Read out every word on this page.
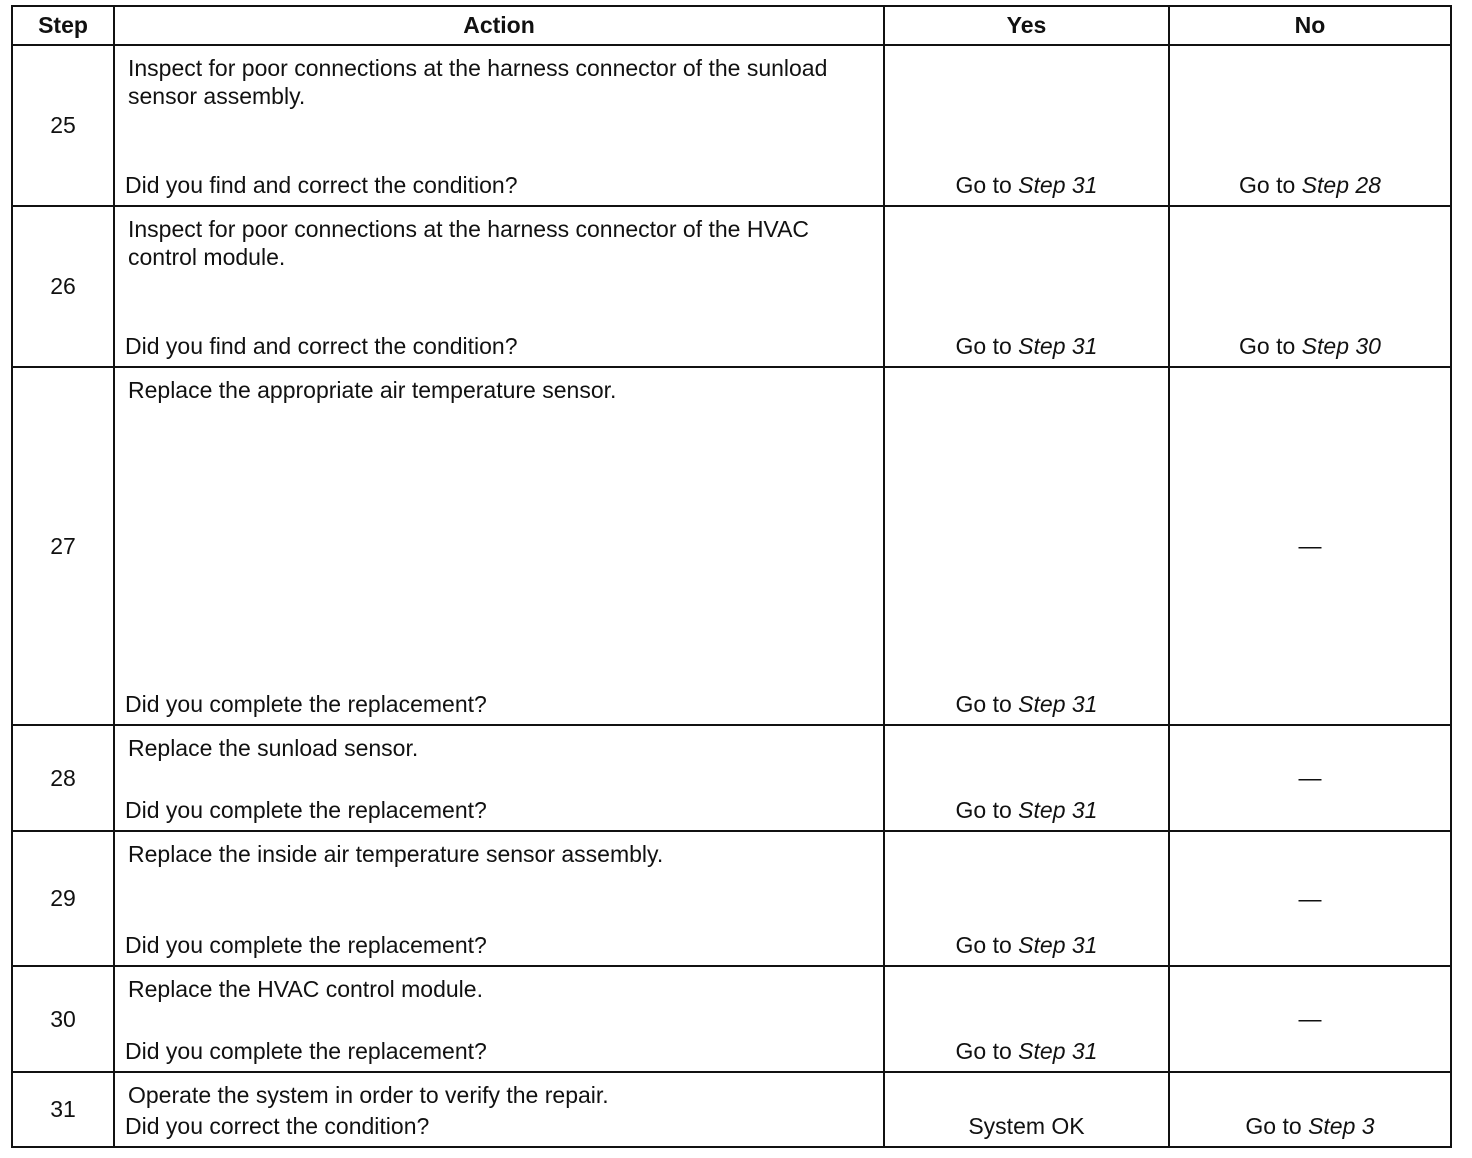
Step	Action	Yes	No
25	Inspect for poor connections at the harness connector of the sunload sensor assembly.
Did you find and correct the condition?	Go to Step 31	Go to Step 28

26	Inspect for poor connections at the harness connector of the HVAC control module.
Did you find and correct the condition?	Go to Step 31	Go to Step 30

27	Replace the appropriate air temperature sensor.
Did you complete the replacement?	Go to Step 31	—

28	Replace the sunload sensor.
Did you complete the replacement?	Go to Step 31	—

29	Replace the inside air temperature sensor assembly.
Did you complete the replacement?	Go to Step 31	—

30	Replace the HVAC control module.
Did you complete the replacement?	Go to Step 31	—

31	Operate the system in order to verify the repair.
Did you correct the condition?	System OK	Go to Step 3
